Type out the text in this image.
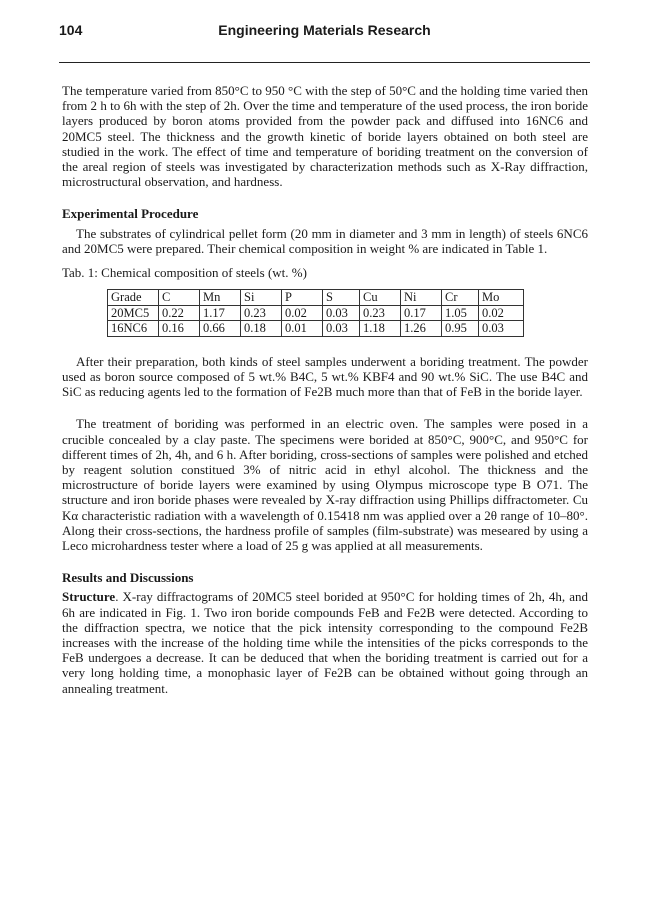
104	Engineering Materials Research

The temperature varied from 850°C to 950 °C with the step of 50°C and the holding time varied then from 2 h to 6h with the step of 2h. Over the time and temperature of the used process, the iron boride layers produced by boron atoms provided from the powder pack and diffused into 16NC6 and 20MC5 steel. The thickness and the growth kinetic of boride layers obtained on both steel are studied in the work. The effect of time and temperature of boriding treatment on the conversion of the areal region of steels was investigated by characterization methods such as X-Ray diffraction, microstructural observation, and hardness.

Experimental Procedure

The substrates of cylindrical pellet form (20 mm in diameter and 3 mm in length) of steels 6NC6 and 20MC5 were prepared. Their chemical composition in weight % are indicated in Table 1.

Tab. 1: Chemical composition of steels (wt. %)

Grade	C	Mn	Si	P	S	Cu	Ni	Cr	Mo
20MC5	0.22	1.17	0.23	0.02	0.03	0.23	0.17	1.05	0.02
16NC6	0.16	0.66	0.18	0.01	0.03	1.18	1.26	0.95	0.03

After their preparation, both kinds of steel samples underwent a boriding treatment. The powder used as boron source composed of 5 wt.% B4C, 5 wt.% KBF4 and 90 wt.% SiC. The use B4C and SiC as reducing agents led to the formation of Fe2B much more than that of FeB in the boride layer.

The treatment of boriding was performed in an electric oven. The samples were posed in a crucible concealed by a clay paste. The specimens were borided at 850°C, 900°C, and 950°C for different times of 2h, 4h, and 6 h. After boriding, cross-sections of samples were polished and etched by reagent solution constitued 3% of nitric acid in ethyl alcohol. The thickness and the microstructure of boride layers were examined by using Olympus microscope type B O71. The structure and iron boride phases were revealed by X-ray diffraction using Phillips diffractometer. Cu Kα characteristic radiation with a wavelength of 0.15418 nm was applied over a 2θ range of 10–80°. Along their cross-sections, the hardness profile of samples (film-substrate) was meseared by using a Leco microhardness tester where a load of 25 g was applied at all measurements.

Results and Discussions

Structure. X-ray diffractograms of 20MC5 steel borided at 950°C for holding times of 2h, 4h, and 6h are indicated in Fig. 1. Two iron boride compounds FeB and Fe2B were detected. According to the diffraction spectra, we notice that the pick intensity corresponding to the compound Fe2B increases with the increase of the holding time while the intensities of the picks corresponds to the FeB undergoes a decrease. It can be deduced that when the boriding treatment is carried out for a very long holding time, a monophasic layer of Fe2B can be obtained without going through an annealing treatment.
